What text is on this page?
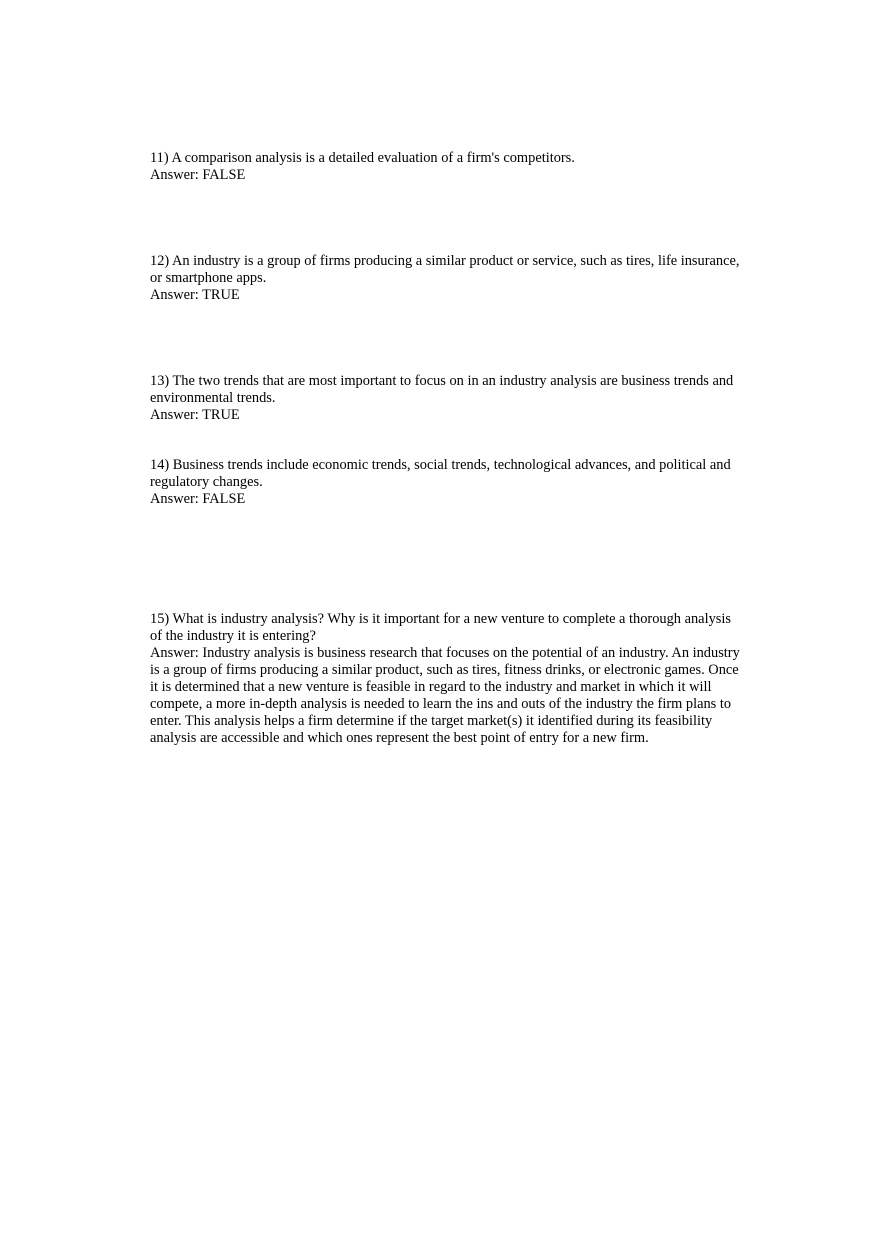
11) A comparison analysis is a detailed evaluation of a firm's competitors.

Answer: FALSE

12) An industry is a group of firms producing a similar product or service, such as tires, life insurance, or smartphone apps.

Answer: TRUE

13) The two trends that are most important to focus on in an industry analysis are business trends and environmental trends.

Answer: TRUE

14) Business trends include economic trends, social trends, technological advances, and political and regulatory changes.

Answer: FALSE

15) What is industry analysis? Why is it important for a new venture to complete a thorough analysis of the industry it is entering?

Answer: Industry analysis is business research that focuses on the potential of an industry. An industry is a group of firms producing a similar product, such as tires, fitness drinks, or electronic games. Once it is determined that a new venture is feasible in regard to the industry and market in which it will compete, a more in-depth analysis is needed to learn the ins and outs of the industry the firm plans to enter. This analysis helps a firm determine if the target market(s) it identified during its feasibility analysis are accessible and which ones represent the best point of entry for a new firm.
